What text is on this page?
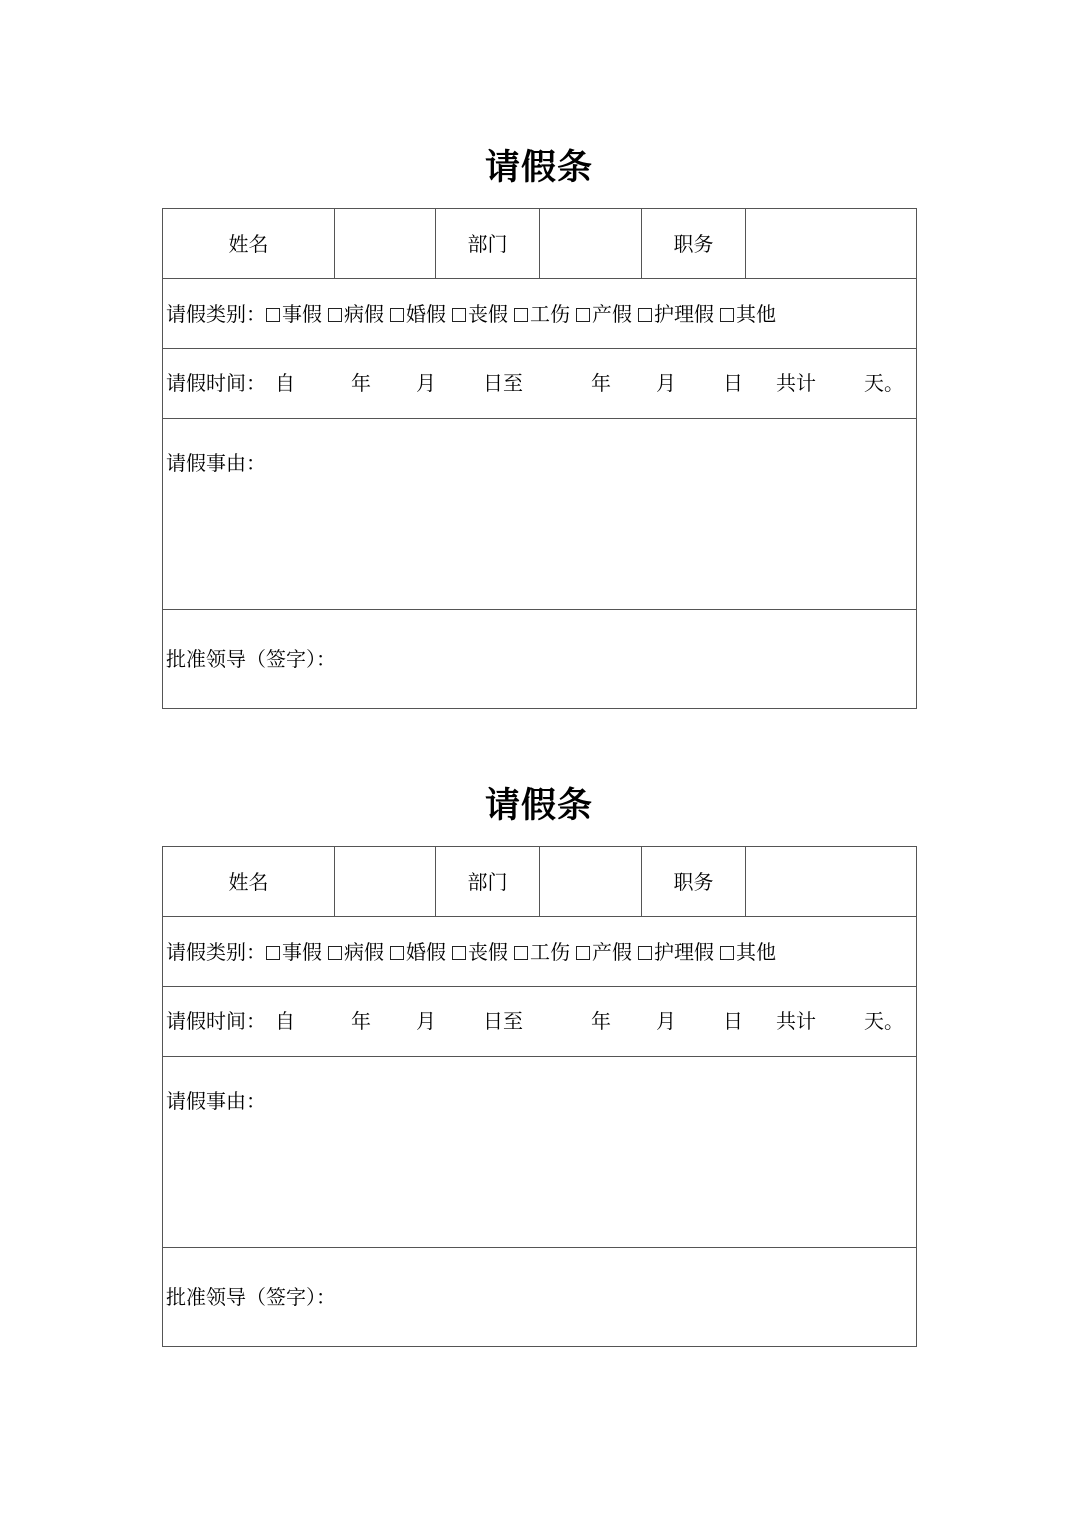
请假条
姓名		部门		职务	

请假类别： 事假 病假 婚假 丧假 工伤 产假 护理假 其他

请假时间： 自	年 月 日至	年 月 日 共计 天。

请假事由：

批准领导（签字）：
请假条
姓名		部门		职务	

请假类别： 事假 病假 婚假 丧假 工伤 产假 护理假 其他

请假时间： 自	年 月 日至	年 月 日 共计 天。

请假事由：

批准领导（签字）：
